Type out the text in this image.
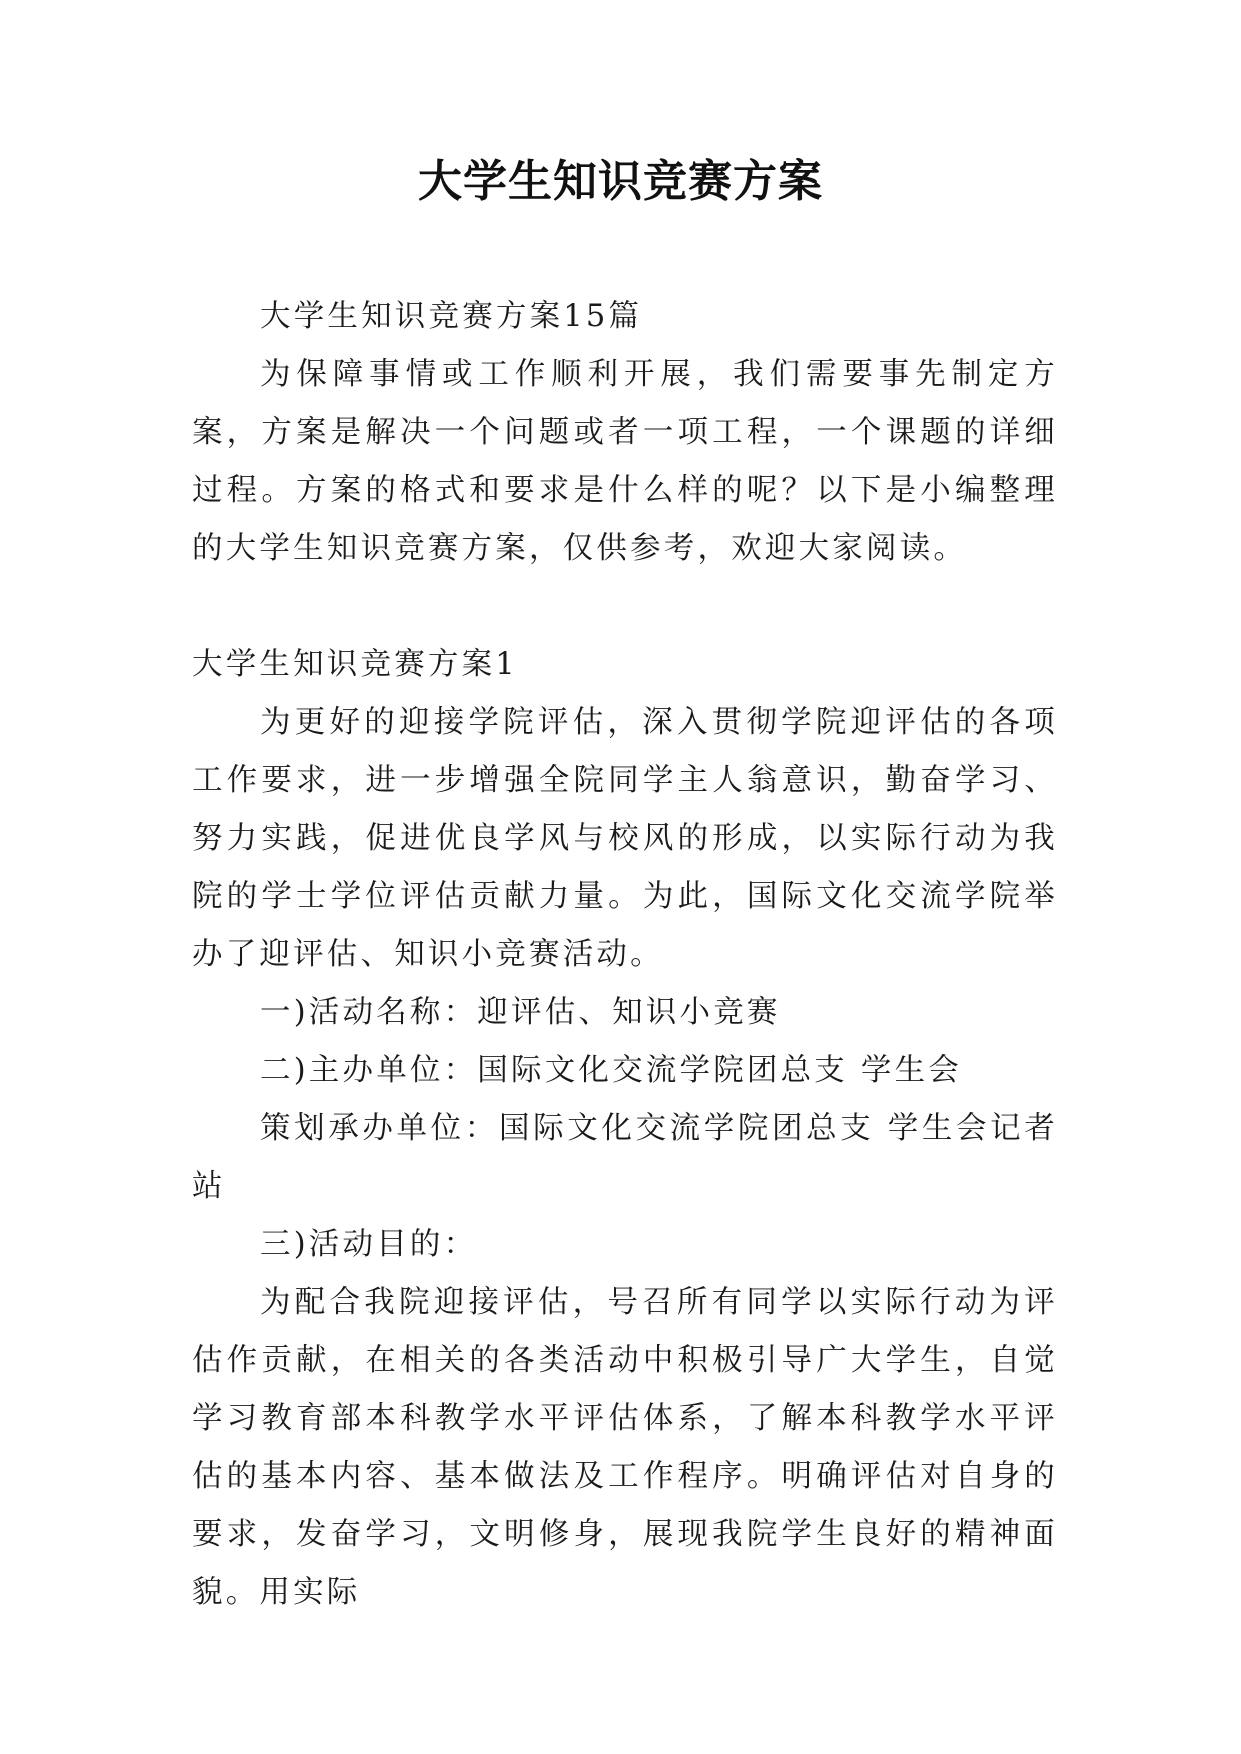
大学生知识竞赛方案

大学生知识竞赛方案15篇

为保障事情或工作顺利开展，我们需要事先制定方案，方案是解决一个问题或者一项工程，一个课题的详细过程。方案的格式和要求是什么样的呢？以下是小编整理的大学生知识竞赛方案，仅供参考，欢迎大家阅读。

大学生知识竞赛方案1

为更好的迎接学院评估，深入贯彻学院迎评估的各项工作要求，进一步增强全院同学主人翁意识，勤奋学习、努力实践，促进优良学风与校风的形成，以实际行动为我院的学士学位评估贡献力量。为此，国际文化交流学院举办了迎评估、知识小竞赛活动。

一)活动名称：迎评估、知识小竞赛

二)主办单位：国际文化交流学院团总支 学生会

策划承办单位：国际文化交流学院团总支 学生会记者站

三)活动目的：

为配合我院迎接评估，号召所有同学以实际行动为评估作贡献，在相关的各类活动中积极引导广大学生，自觉学习教育部本科教学水平评估体系，了解本科教学水平评估的基本内容、基本做法及工作程序。明确评估对自身的要求，发奋学习，文明修身，展现我院学生良好的精神面貌。用实际
